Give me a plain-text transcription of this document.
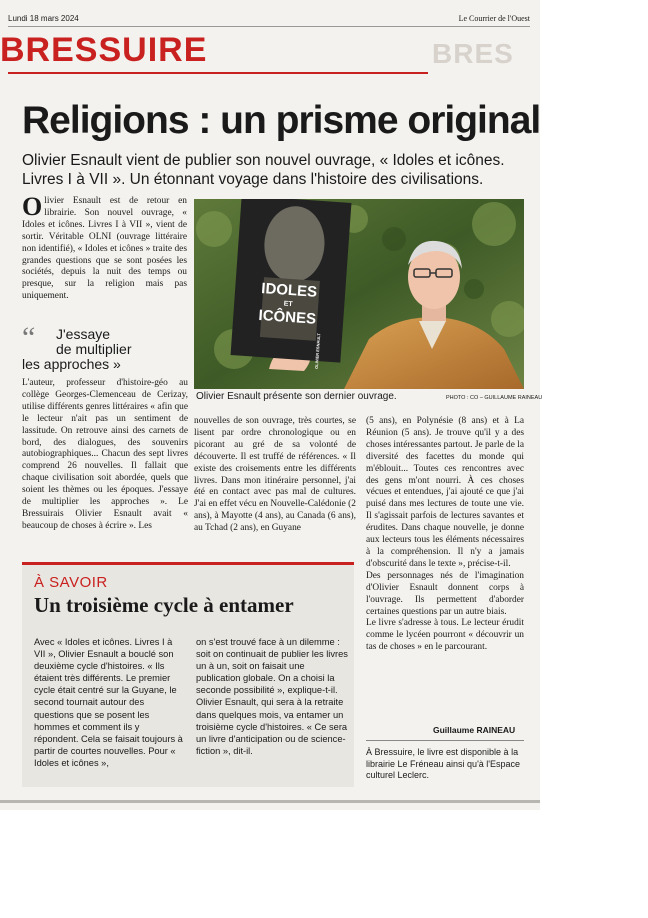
Lundi 18 mars 2024	Le Courrier de l'Ouest
BRESSUIRE	BRES
Religions : un prisme original
Olivier Esnault vient de publier son nouvel ouvrage, « Idoles et icônes. Livres I à VII ». Un étonnant voyage dans l'histoire des civilisations.

Olivier Esnault est de retour en librairie. Son nouvel ouvrage, « Idoles et icônes. Livres I à VII », vient de sortir. Véritable OLNI (ouvrage littéraire non identifié), « Idoles et icônes » traite des grandes questions que se sont posées les sociétés, depuis la nuit des temps ou presque, sur la religion mais pas uniquement.

“	J'essaye
de multiplier
les approches »

L'auteur, professeur d'histoire-géo au collège Georges-Clemenceau de Cerizay, utilise différents genres littéraires « afin que le lecteur n'ait pas un sentiment de lassitude. On retrouve ainsi des carnets de bord, des dialogues, des souvenirs autobiographiques... Chacun des sept livres comprend 26 nouvelles. Il fallait que chaque civilisation soit abordée, quels que soient les thèmes ou les époques. J'essaye de multiplier les approches ». Le Bressuirais Olivier Esnault avait « beaucoup de choses à écrire ». Les

IDOLES
ET
ICÔNES
OLIVIER ESNAULT
Olivier Esnault présente son dernier ouvrage.	PHOTO : CO – GUILLAUME RAINEAU

nouvelles de son ouvrage, très courtes, se lisent par ordre chronologique ou en picorant au gré de sa volonté de découverte. Il est truffé de références. « Il existe des croisements entre les différents livres. Dans mon itinéraire personnel, j'ai été en contact avec pas mal de cultures. J'ai en effet vécu en Nouvelle-Calédonie (2 ans), à Mayotte (4 ans), au Canada (6 ans), au Tchad (2 ans), en Guyane

(5 ans), en Polynésie (8 ans) et à La Réunion (5 ans). Je trouve qu'il y a des choses intéressantes partout. Je parle de la diversité des facettes du monde qui m'éblouit... Toutes ces rencontres avec des gens m'ont nourri. À ces choses vécues et entendues, j'ai ajouté ce que j'ai puisé dans mes lectures de toute une vie. Il s'agissait parfois de lectures savantes et érudites. Dans chaque nouvelle, je donne aux lecteurs tous les éléments nécessaires à la compréhension. Il n'y a jamais d'obscurité dans le texte », précise-t-il.

Des personnages nés de l'imagination d'Olivier Esnault donnent corps à l'ouvrage. Ils permettent d'aborder certaines questions par un autre biais.

Le livre s'adresse à tous. Le lecteur érudit comme le lycéen pourront « découvrir un tas de choses » en le parcourant.

Guillaume RAINEAU

À Bressuire, le livre est disponible à la librairie Le Fréneau ainsi qu'à l'Espace culturel Leclerc.

À SAVOIR
Un troisième cycle à entamer

Avec « Idoles et icônes. Livres I à VII », Olivier Esnault a bouclé son deuxième cycle d'histoires. « Ils étaient très différents. Le premier cycle était centré sur la Guyane, le second tournait autour des questions que se posent les hommes et comment ils y répondent. Cela se faisait toujours à partir de courtes nouvelles. Pour « Idoles et icônes »,

on s'est trouvé face à un dilemme : soit on continuait de publier les livres un à un, soit on faisait une publication globale. On a choisi la seconde possibilité », explique-t-il. Olivier Esnault, qui sera à la retraite dans quelques mois, va entamer un troisième cycle d'histoires. « Ce sera un livre d'anticipation ou de science-fiction », dit-il.
